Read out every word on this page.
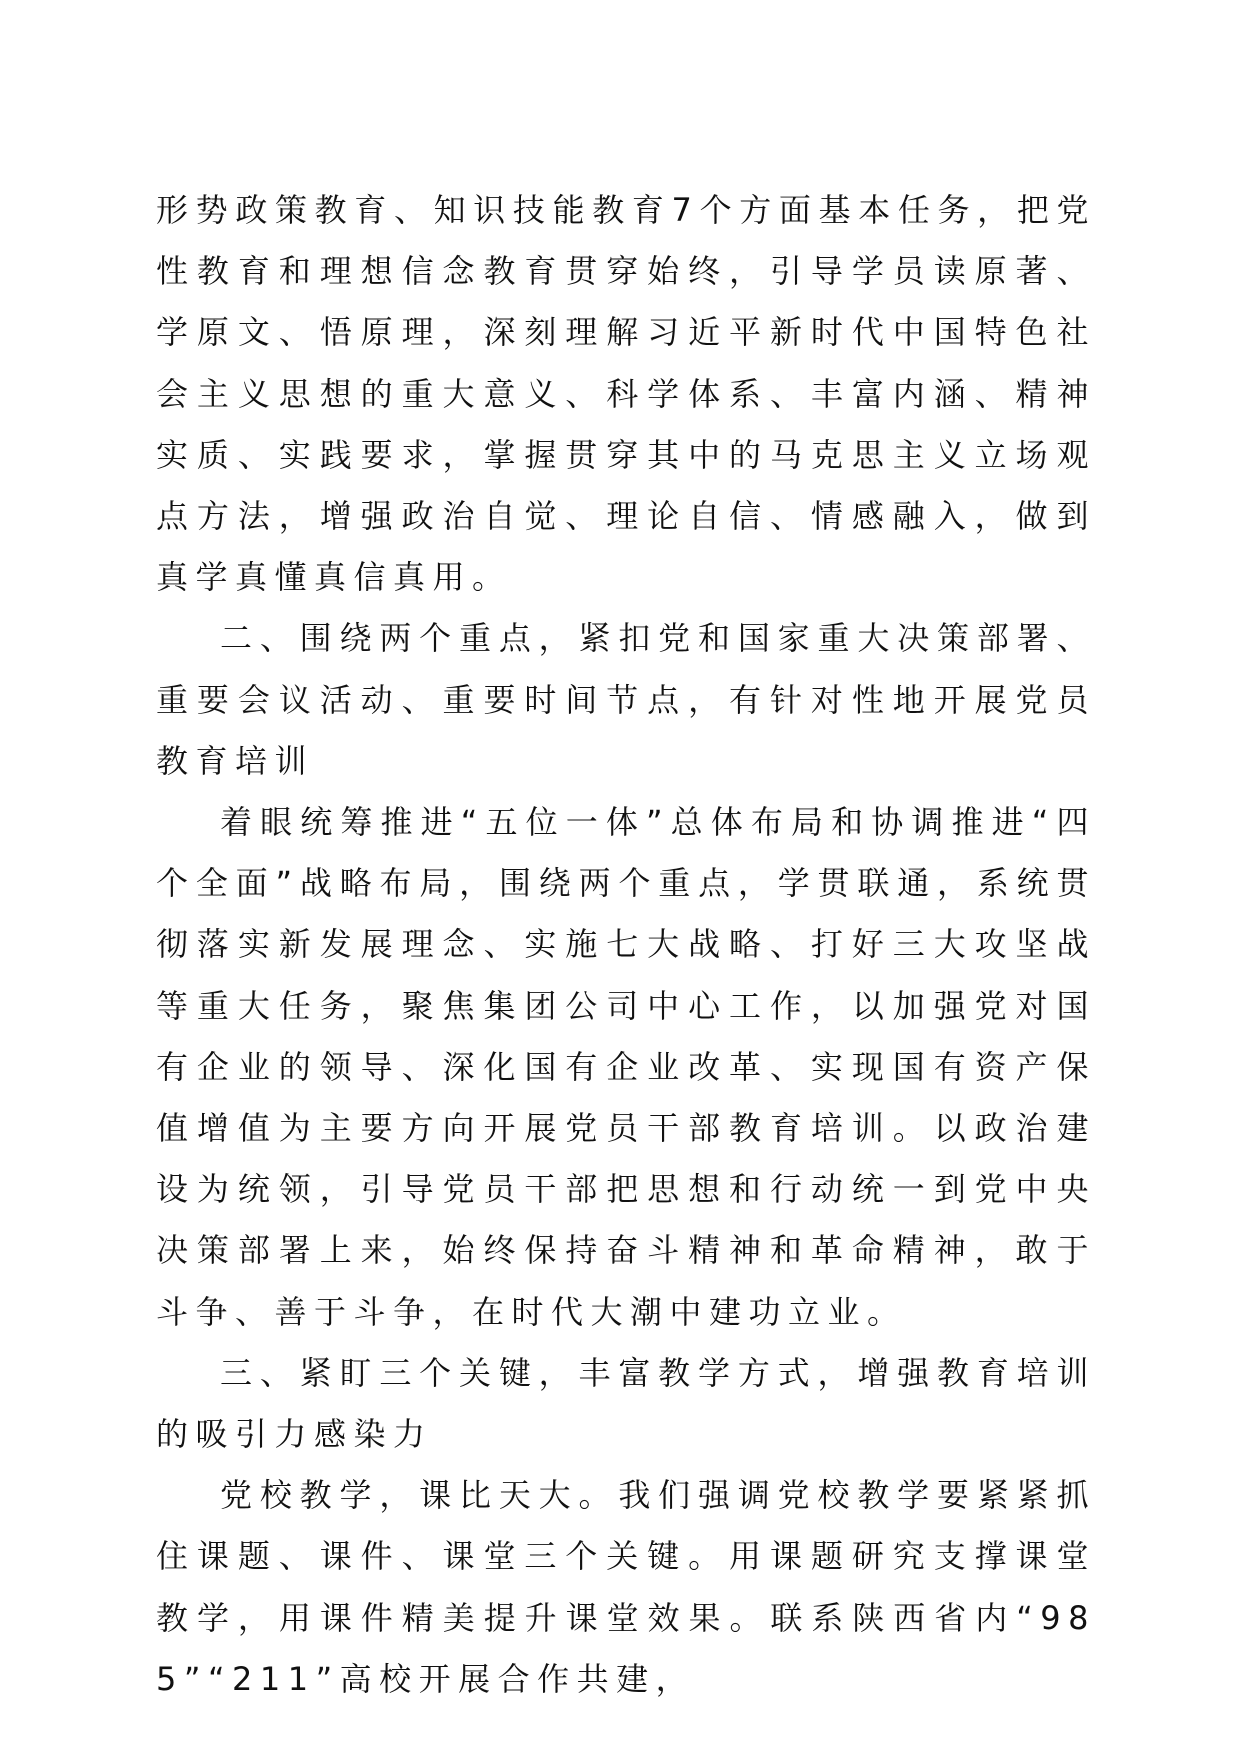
形势政策教育、知识技能教育7个方面基本任务，把党性教育和理想信念教育贯穿始终，引导学员读原著、学原文、悟原理，深刻理解习近平新时代中国特色社会主义思想的重大意义、科学体系、丰富内涵、精神实质、实践要求，掌握贯穿其中的马克思主义立场观点方法，增强政治自觉、理论自信、情感融入，做到真学真懂真信真用。

二、围绕两个重点，紧扣党和国家重大决策部署、重要会议活动、重要时间节点，有针对性地开展党员教育培训

着眼统筹推进“五位一体”总体布局和协调推进“四个全面”战略布局，围绕两个重点，学贯联通，系统贯彻落实新发展理念、实施七大战略、打好三大攻坚战等重大任务，聚焦集团公司中心工作，以加强党对国有企业的领导、深化国有企业改革、实现国有资产保值增值为主要方向开展党员干部教育培训。以政治建设为统领，引导党员干部把思想和行动统一到党中央决策部署上来，始终保持奋斗精神和革命精神，敢于斗争、善于斗争，在时代大潮中建功立业。

三、紧盯三个关键，丰富教学方式，增强教育培训的吸引力感染力

党校教学，课比天大。我们强调党校教学要紧紧抓住课题、课件、课堂三个关键。用课题研究支撑课堂教学，用课件精美提升课堂效果。联系陕西省内“985”“211”高校开展合作共建，
